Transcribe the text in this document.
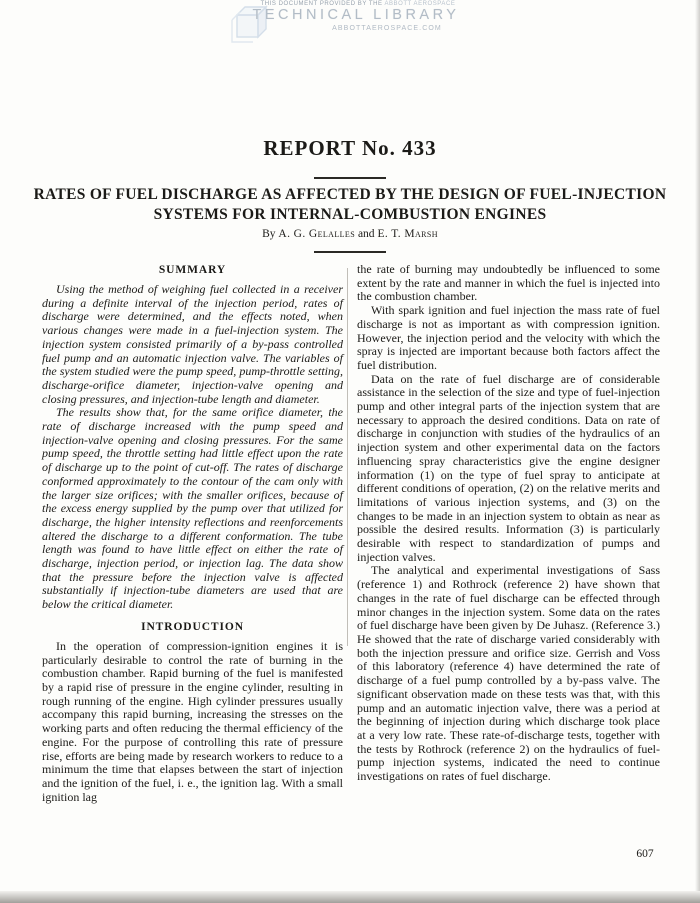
THIS DOCUMENT PROVIDED BY THE ABBOTT AEROSPACE
TECHNICAL LIBRARY
ABBOTTAEROSPACE.COM
REPORT No. 433
RATES OF FUEL DISCHARGE AS AFFECTED BY THE DESIGN OF FUEL-INJECTION
SYSTEMS FOR INTERNAL-COMBUSTION ENGINES
By A. G. Gelalles and E. T. Marsh
SUMMARY

Using the method of weighing fuel collected in a receiver during a definite interval of the injection period, rates of discharge were determined, and the effects noted, when various changes were made in a fuel-injection system. The injection system consisted primarily of a by-pass controlled fuel pump and an automatic injection valve. The variables of the system studied were the pump speed, pump-throttle setting, discharge-orifice diameter, injection-valve opening and closing pressures, and injection-tube length and diameter.

The results show that, for the same orifice diameter, the rate of discharge increased with the pump speed and injection-valve opening and closing pressures. For the same pump speed, the throttle setting had little effect upon the rate of discharge up to the point of cut-off. The rates of discharge conformed approximately to the contour of the cam only with the larger size orifices; with the smaller orifices, because of the excess energy supplied by the pump over that utilized for discharge, the higher intensity reflections and reenforcements altered the discharge to a different conformation. The tube length was found to have little effect on either the rate of discharge, injection period, or injection lag. The data show that the pressure before the injection valve is affected substantially if injection-tube diameters are used that are below the critical diameter.

INTRODUCTION

In the operation of compression-ignition engines it is particularly desirable to control the rate of burning in the combustion chamber. Rapid burning of the fuel is manifested by a rapid rise of pressure in the engine cylinder, resulting in rough running of the engine. High cylinder pressures usually accompany this rapid burning, increasing the stresses on the working parts and often reducing the thermal efficiency of the engine. For the purpose of controlling this rate of pressure rise, efforts are being made by research workers to reduce to a minimum the time that elapses between the start of injection and the ignition of the fuel, i. e., the ignition lag. With a small ignition lag

the rate of burning may undoubtedly be influenced to some extent by the rate and manner in which the fuel is injected into the combustion chamber.

With spark ignition and fuel injection the mass rate of fuel discharge is not as important as with compression ignition. However, the injection period and the velocity with which the spray is injected are important because both factors affect the fuel distribution.

Data on the rate of fuel discharge are of considerable assistance in the selection of the size and type of fuel-injection pump and other integral parts of the injection system that are necessary to approach the desired conditions. Data on rate of discharge in conjunction with studies of the hydraulics of an injection system and other experimental data on the factors influencing spray characteristics give the engine designer information (1) on the type of fuel spray to anticipate at different conditions of operation, (2) on the relative merits and limitations of various injection systems, and (3) on the changes to be made in an injection system to obtain as near as possible the desired results. Information (3) is particularly desirable with respect to standardization of pumps and injection valves.

The analytical and experimental investigations of Sass (reference 1) and Rothrock (reference 2) have shown that changes in the rate of fuel discharge can be effected through minor changes in the injection system. Some data on the rates of fuel discharge have been given by De Juhasz. (Reference 3.) He showed that the rate of discharge varied considerably with both the injection pressure and orifice size. Gerrish and Voss of this laboratory (reference 4) have determined the rate of discharge of a fuel pump controlled by a by-pass valve. The significant observation made on these tests was that, with this pump and an automatic injection valve, there was a period at the beginning of injection during which discharge took place at a very low rate. These rate-of-discharge tests, together with the tests by Rothrock (reference 2) on the hydraulics of fuel-pump injection systems, indicated the need to continue investigations on rates of fuel discharge.

607
